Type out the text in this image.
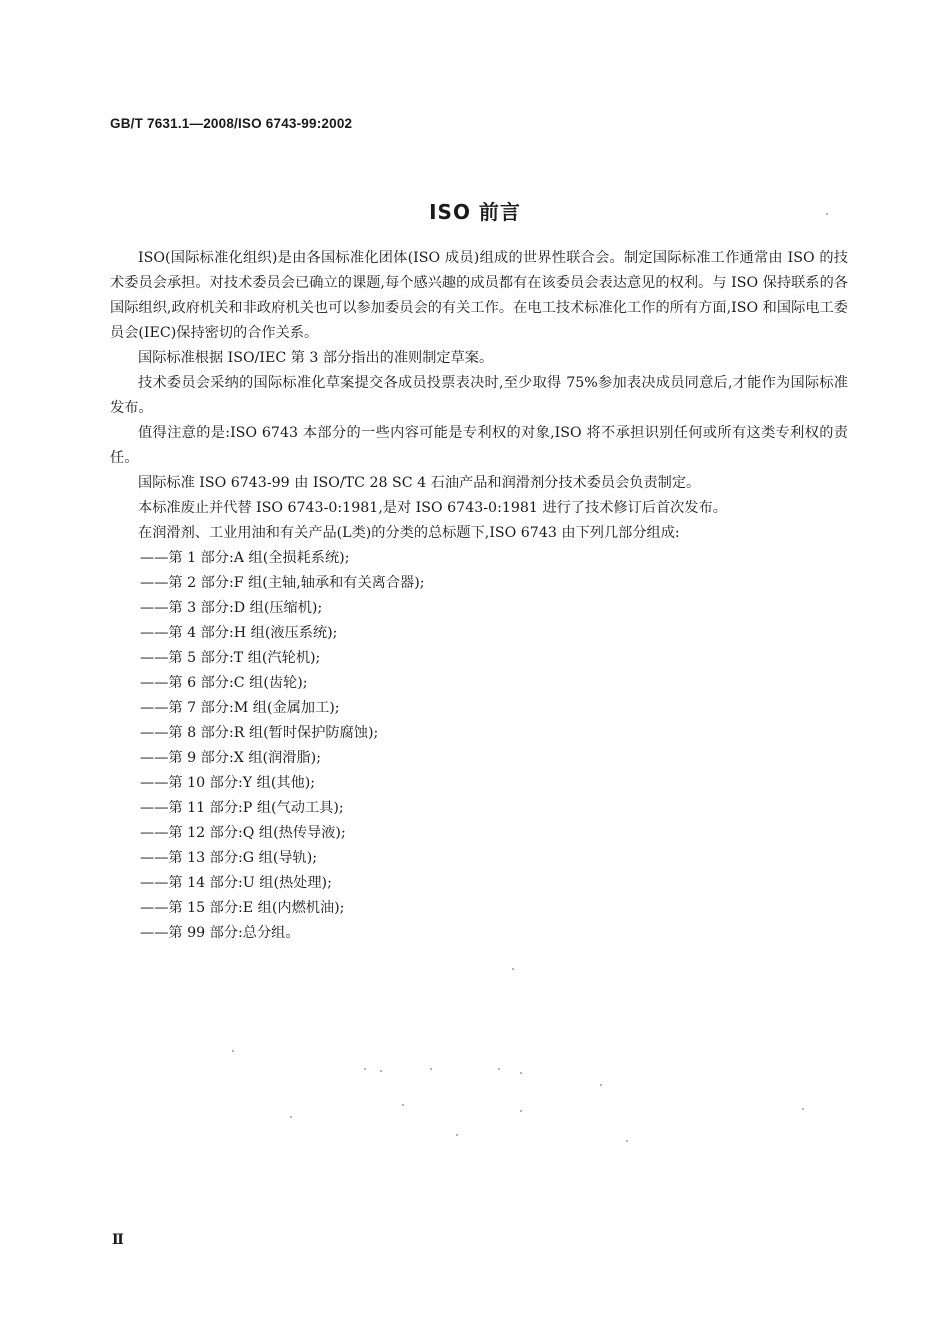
GB/T 7631.1—2008/ISO 6743-99:2002
ISO 前言

ISO(国际标准化组织)是由各国标准化团体(ISO 成员)组成的世界性联合会。制定国际标准工作通常由 ISO 的技术委员会承担。对技术委员会已确立的课题,每个感兴趣的成员都有在该委员会表达意见的权利。与 ISO 保持联系的各国际组织,政府机关和非政府机关也可以参加委员会的有关工作。在电工技术标准化工作的所有方面,ISO 和国际电工委员会(IEC)保持密切的合作关系。

国际标准根据 ISO/IEC 第 3 部分指出的准则制定草案。

技术委员会采纳的国际标准化草案提交各成员投票表决时,至少取得 75%参加表决成员同意后,才能作为国际标准发布。

值得注意的是:ISO 6743 本部分的一些内容可能是专利权的对象,ISO 将不承担识别任何或所有这类专利权的责任。

国际标准 ISO 6743-99 由 ISO/TC 28 SC 4 石油产品和润滑剂分技术委员会负责制定。

本标准废止并代替 ISO 6743-0:1981,是对 ISO 6743-0:1981 进行了技术修订后首次发布。

在润滑剂、工业用油和有关产品(L类)的分类的总标题下,ISO 6743 由下列几部分组成:

——第 1 部分:A 组(全损耗系统);
——第 2 部分:F 组(主轴,轴承和有关离合器);
——第 3 部分:D 组(压缩机);
——第 4 部分:H 组(液压系统);
——第 5 部分:T 组(汽轮机);
——第 6 部分:C 组(齿轮);
——第 7 部分:M 组(金属加工);
——第 8 部分:R 组(暂时保护防腐蚀);
——第 9 部分:X 组(润滑脂);
——第 10 部分:Y 组(其他);
——第 11 部分:P 组(气动工具);
——第 12 部分:Q 组(热传导液);
——第 13 部分:G 组(导轨);
——第 14 部分:U 组(热处理);
——第 15 部分:E 组(内燃机油);
——第 99 部分:总分组。
Ⅱ
